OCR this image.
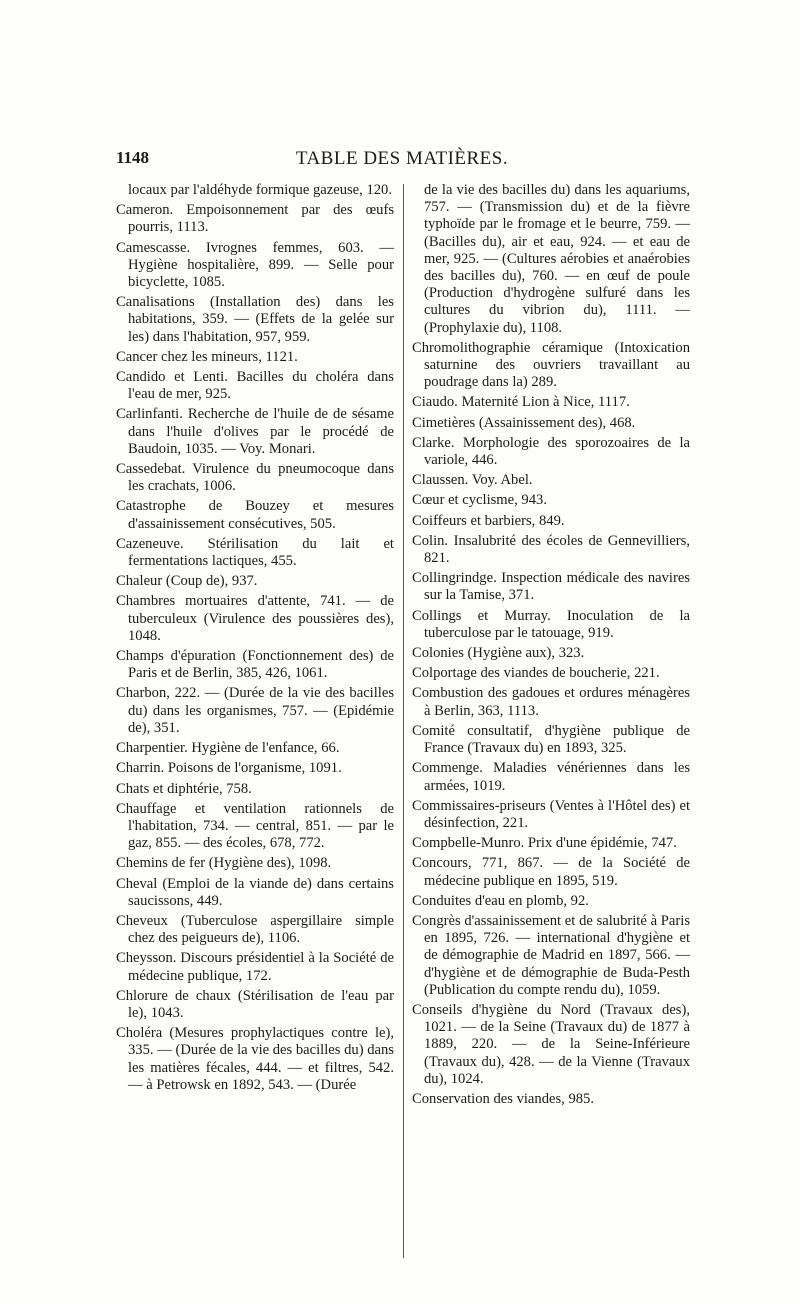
1148	TABLE DES MATIÈRES.
locaux par l'aldéhyde formique gazeuse, 120.
Cameron. Empoisonnement par des œufs pourris, 1113.
Camescasse. Ivrognes femmes, 603. — Hygiène hospitalière, 899. — Selle pour bicyclette, 1085.
Canalisations (Installation des) dans les habitations, 359. — (Effets de la gelée sur les) dans l'habitation, 957, 959.
Cancer chez les mineurs, 1121.
Candido et Lenti. Bacilles du choléra dans l'eau de mer, 925.
Carlinfanti. Recherche de l'huile de de sésame dans l'huile d'olives par le procédé de Baudoin, 1035. — Voy. Monari.
Cassedebat. Virulence du pneumocoque dans les crachats, 1006.
Catastrophe de Bouzey et mesures d'assainissement consécutives, 505.
Cazeneuve. Stérilisation du lait et fermentations lactiques, 455.
Chaleur (Coup de), 937.
Chambres mortuaires d'attente, 741. — de tuberculeux (Virulence des poussières des), 1048.
Champs d'épuration (Fonctionnement des) de Paris et de Berlin, 385, 426, 1061.
Charbon, 222. — (Durée de la vie des bacilles du) dans les organismes, 757. — (Epidémie de), 351.
Charpentier. Hygiène de l'enfance, 66.
Charrin. Poisons de l'organisme, 1091.
Chats et diphtérie, 758.
Chauffage et ventilation rationnels de l'habitation, 734. — central, 851. — par le gaz, 855. — des écoles, 678, 772.
Chemins de fer (Hygiène des), 1098.
Cheval (Emploi de la viande de) dans certains saucissons, 449.
Cheveux (Tuberculose aspergillaire simple chez des peigueurs de), 1106.
Cheysson. Discours présidentiel à la Société de médecine publique, 172.
Chlorure de chaux (Stérilisation de l'eau par le), 1043.
Choléra (Mesures prophylactiques contre le), 335. — (Durée de la vie des bacilles du) dans les matières fécales, 444. — et filtres, 542. — à Petrowsk en 1892, 543. — (Durée
de la vie des bacilles du) dans les aquariums, 757. — (Transmission du) et de la fièvre typhoïde par le fromage et le beurre, 759. — (Bacilles du), air et eau, 924. — et eau de mer, 925. — (Cultures aérobies et anaérobies des bacilles du), 760. — en œuf de poule (Production d'hydrogène sulfuré dans les cultures du vibrion du), 1111. — (Prophylaxie du), 1108.
Chromolithographie céramique (Intoxication saturnine des ouvriers travaillant au poudrage dans la) 289.
Ciaudo. Maternité Lion à Nice, 1117.
Cimetières (Assainissement des), 468.
Clarke. Morphologie des sporozoaires de la variole, 446.
Claussen. Voy. Abel.
Cœur et cyclisme, 943.
Coiffeurs et barbiers, 849.
Colin. Insalubrité des écoles de Gennevilliers, 821.
Collingrindge. Inspection médicale des navires sur la Tamise, 371.
Collings et Murray. Inoculation de la tuberculose par le tatouage, 919.
Colonies (Hygiène aux), 323.
Colportage des viandes de boucherie, 221.
Combustion des gadoues et ordures ménagères à Berlin, 363, 1113.
Comité consultatif, d'hygiène publique de France (Travaux du) en 1893, 325.
Commenge. Maladies vénériennes dans les armées, 1019.
Commissaires-priseurs (Ventes à l'Hôtel des) et désinfection, 221.
Compbelle-Munro. Prix d'une épidémie, 747.
Concours, 771, 867. — de la Société de médecine publique en 1895, 519.
Conduites d'eau en plomb, 92.
Congrès d'assainissement et de salubrité à Paris en 1895, 726. — international d'hygiène et de démographie de Madrid en 1897, 566. — d'hygiène et de démographie de Buda-Pesth (Publication du compte rendu du), 1059.
Conseils d'hygiène du Nord (Travaux des), 1021. — de la Seine (Travaux du) de 1877 à 1889, 220. — de la Seine-Inférieure (Travaux du), 428. — de la Vienne (Travaux du), 1024.
Conservation des viandes, 985.
